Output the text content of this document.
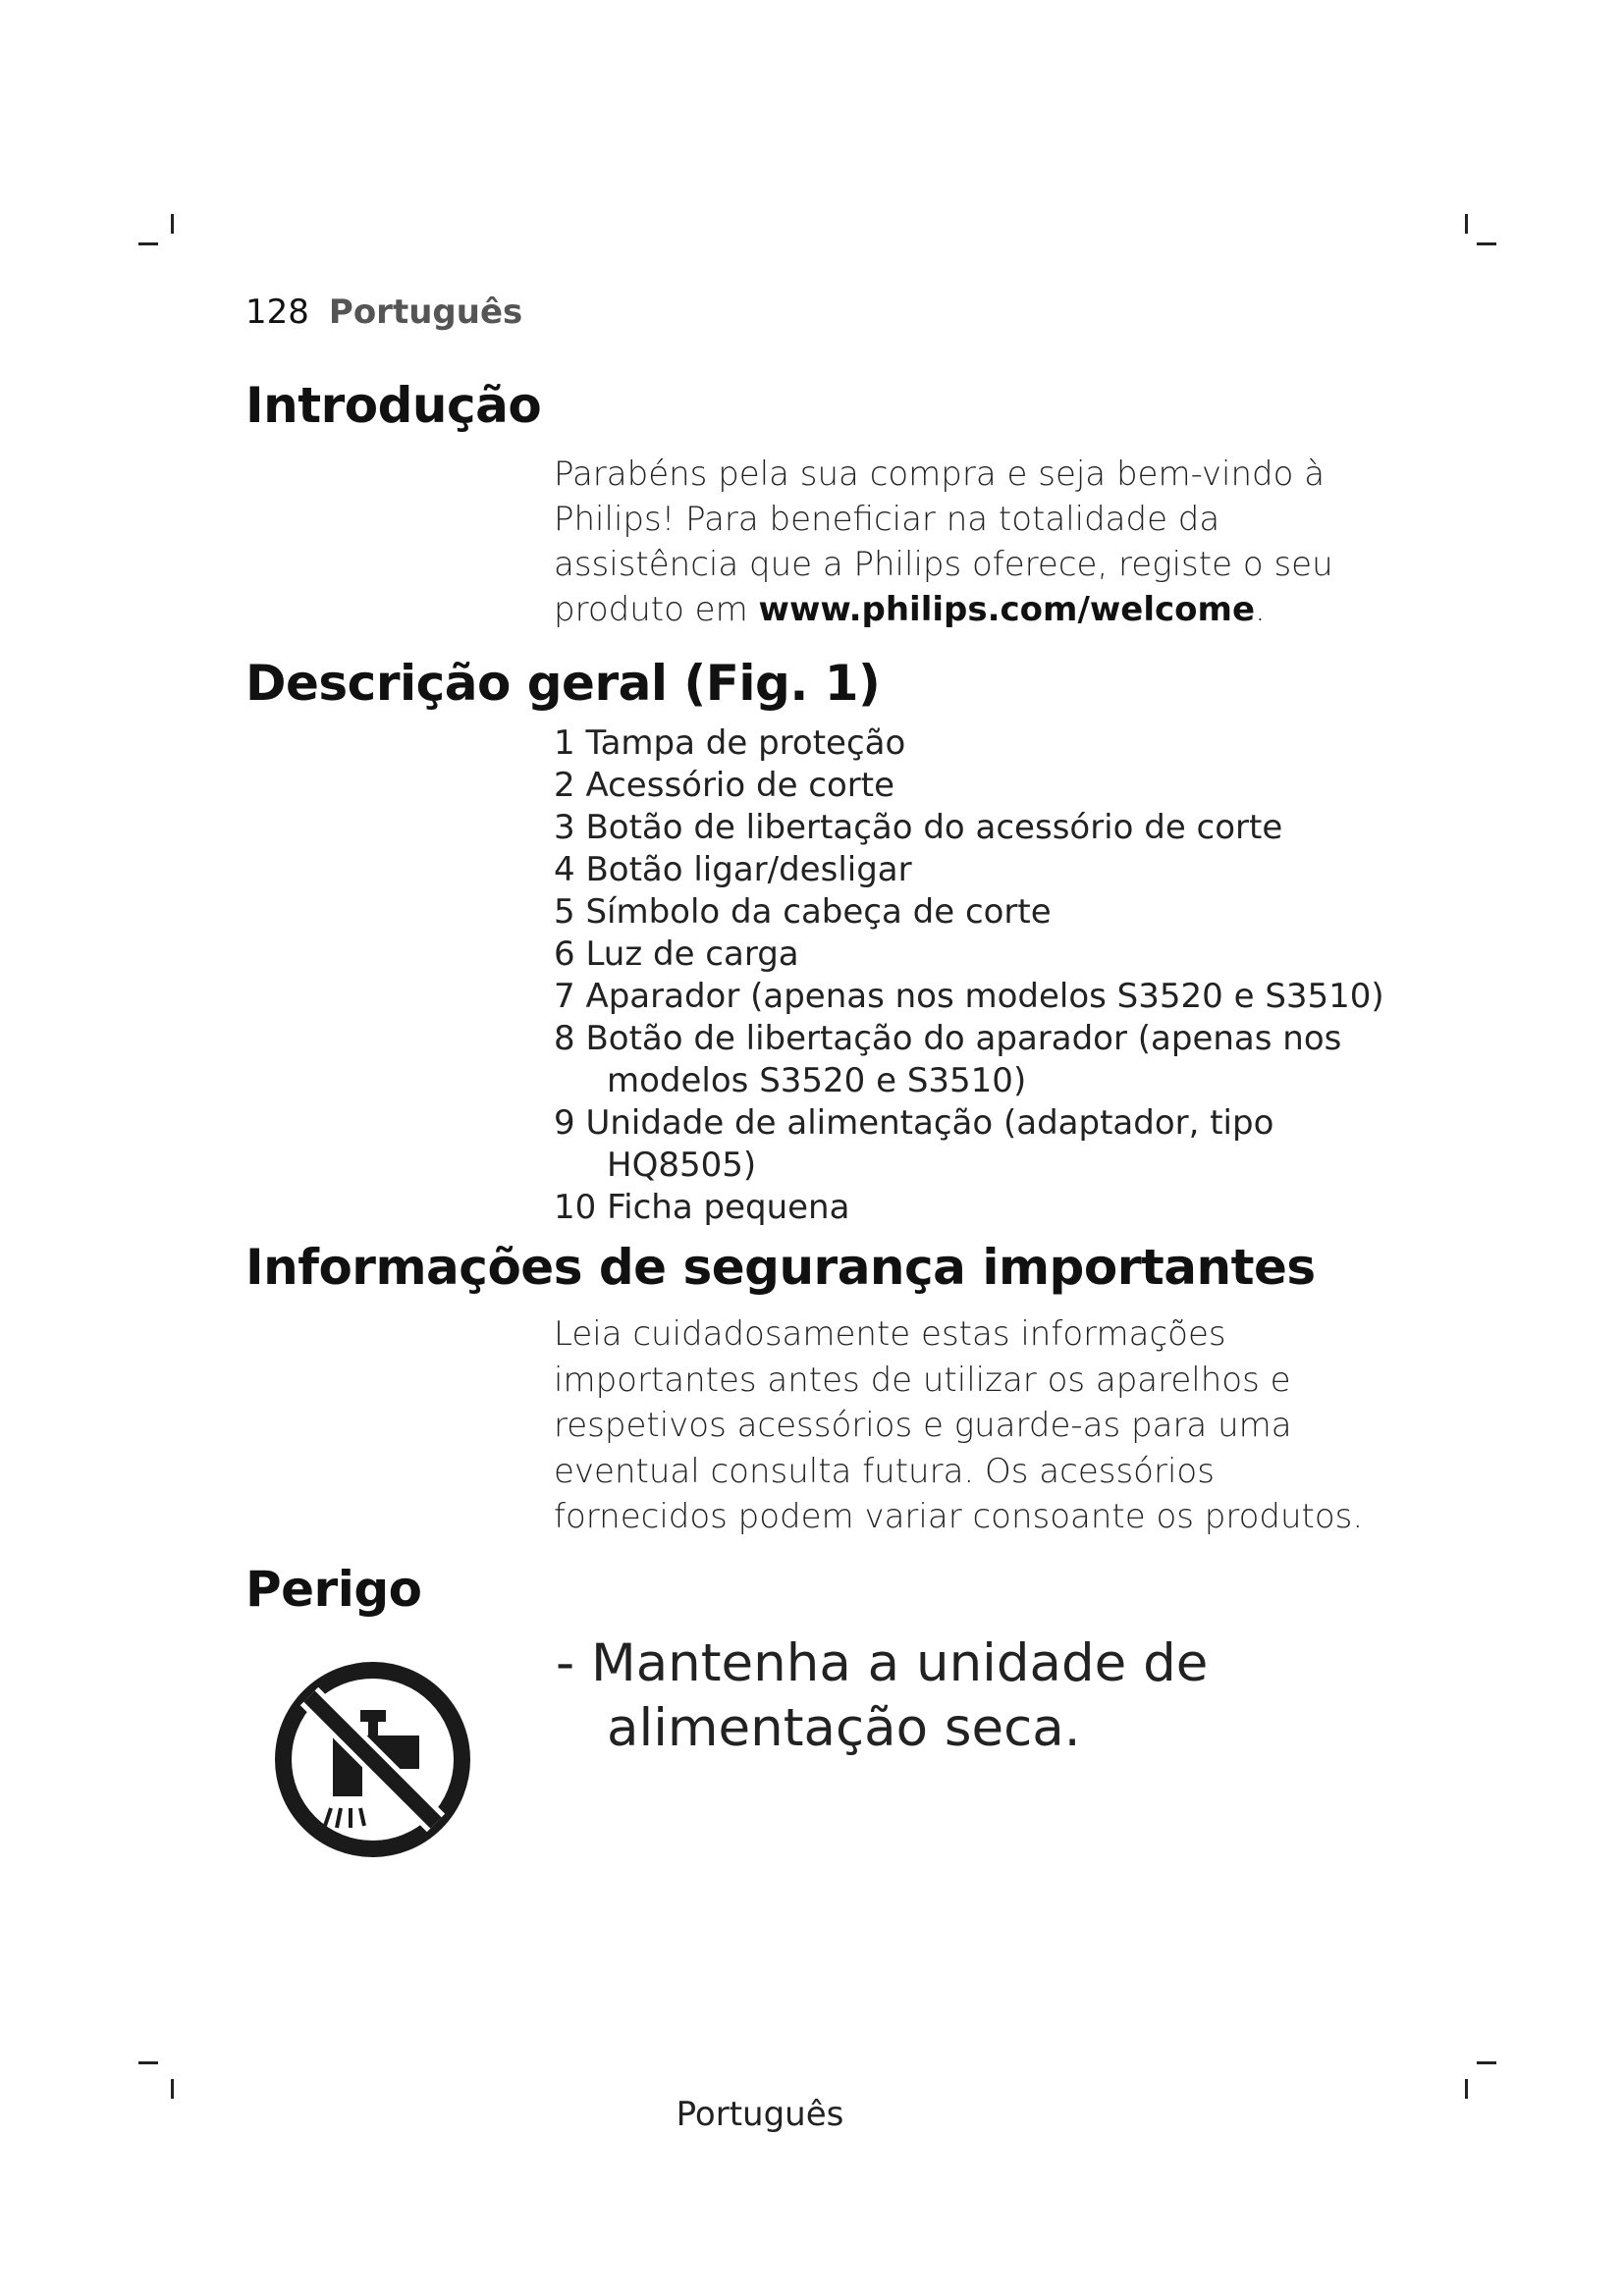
128 Português
Introdução
Parabéns pela sua compra e seja bem-vindo à Philips! Para beneficiar na totalidade da assistência que a Philips oferece, registe o seu produto em www.philips.com/welcome.
Descrição geral (Fig. 1)
1 Tampa de proteção
2 Acessório de corte
3 Botão de libertação do acessório de corte
4 Botão ligar/desligar
5 Símbolo da cabeça de corte
6 Luz de carga
7 Aparador (apenas nos modelos S3520 e S3510)
8 Botão de libertação do aparador (apenas nos modelos S3520 e S3510)
9 Unidade de alimentação (adaptador, tipo HQ8505)
10 Ficha pequena
Informações de segurança importantes
Leia cuidadosamente estas informações importantes antes de utilizar os aparelhos e respetivos acessórios e guarde-as para uma eventual consulta futura. Os acessórios fornecidos podem variar consoante os produtos.
Perigo
- Mantenha a unidade de alimentação seca.
Português
